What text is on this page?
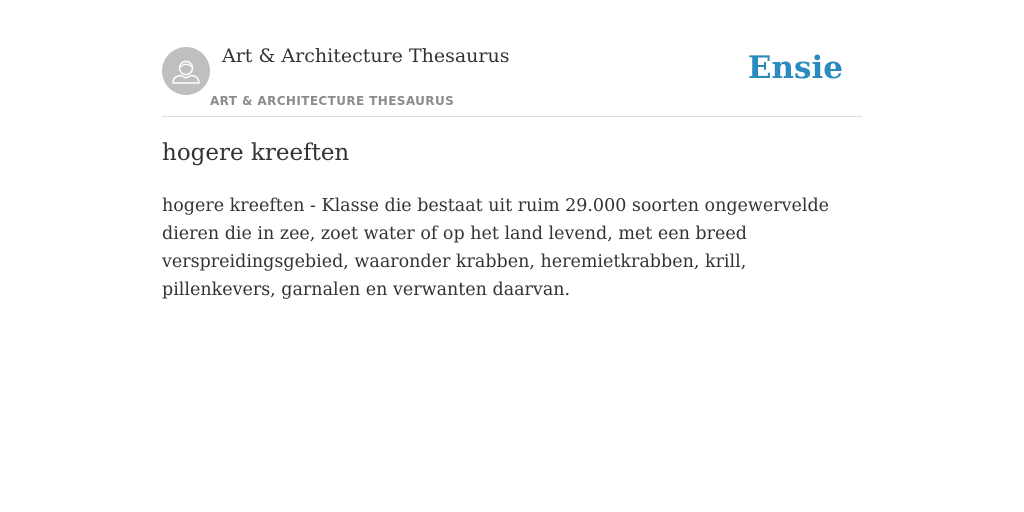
Art & Architecture Thesaurus
ART & ARCHITECTURE THESAURUS
Ensie
hogere kreeften

hogere kreeften - Klasse die bestaat uit ruim 29.000 soorten ongewervelde dieren die in zee, zoet water of op het land levend, met een breed verspreidingsgebied, waaronder krabben, heremietkrabben, krill, pillenkevers, garnalen en verwanten daarvan.
